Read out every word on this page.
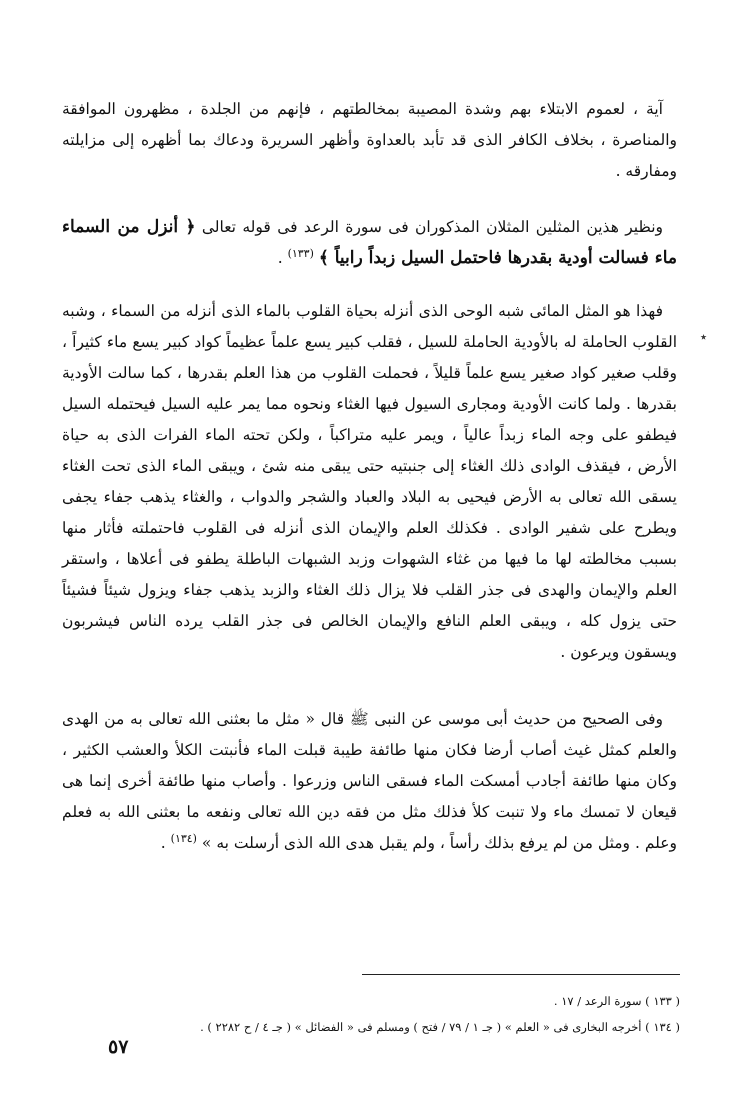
آية ، لعموم الابتلاء بهم وشدة المصيبة بمخالطتهم ، فإنهم من الجلدة ، مظهرون الموافقة والمناصرة ، بخلاف الكافر الذى قد تأبد بالعداوة وأظهر السريرة ودعاك بما أظهره إلى مزايلته ومفارقه .

ونظير هذين المثلين المثلان المذكوران فى سورة الرعد فى قوله تعالى ﴿ أنزل من السماء ماء فسالت أودية بقدرها فاحتمل السيل زبداً رابياً ﴾ $^{(١٣٣)}$ .

فهذا هو المثل المائى شبه الوحى الذى أنزله بحياة القلوب بالماء الذى أنزله من السماء ، وشبه القلوب الحاملة له بالأودية الحاملة للسيل ، فقلب كبير يسع علماً عظيماً كواد كبير يسع ماء كثيراً ، وقلب صغير كواد صغير يسع علماً قليلاً ، فحملت القلوب من هذا العلم بقدرها ، كما سالت الأودية بقدرها . ولما كانت الأودية ومجارى السيول فيها الغثاء ونحوه مما يمر عليه السيل فيحتمله السيل فيطفو على وجه الماء زبداً عالياً ، ويمر عليه متراكباً ، ولكن تحته الماء الفرات الذى به حياة الأرض ، فيقذف الوادى ذلك الغثاء إلى جنبتيه حتى يبقى منه شئ ، ويبقى الماء الذى تحت الغثاء يسقى الله تعالى به الأرض فيحيى به البلاد والعباد والشجر والدواب ، والغثاء يذهب جفاء يجفى ويطرح على شفير الوادى . فكذلك العلم والإيمان الذى أنزله فى القلوب فاحتملته فأثار منها بسبب مخالطته لها ما فيها من غثاء الشهوات وزبد الشبهات الباطلة يطفو فى أعلاها ، واستقر العلم والإيمان والهدى فى جذر القلب فلا يزال ذلك الغثاء والزبد يذهب جفاء ويزول شيئاً فشيئاً حتى يزول كله ، ويبقى العلم النافع والإيمان الخالص فى جذر القلب يرده الناس فيشربون ويسقون ويرعون .

وفى الصحيح من حديث أبى موسى عن النبى ﷺ قال « مثل ما بعثنى الله تعالى به من الهدى والعلم كمثل غيث أصاب أرضا فكان منها طائفة طيبة قبلت الماء فأنبتت الكلأ والعشب الكثير ، وكان منها طائفة أجادب أمسكت الماء فسقى الناس وزرعوا . وأصاب منها طائفة أخرى إنما هى قيعان لا تمسك ماء ولا تنبت كلأ فذلك مثل من فقه دين الله تعالى ونفعه ما بعثنى الله به فعلم وعلم . ومثل من لم يرفع بذلك رأساً ، ولم يقبل هدى الله الذى أرسلت به » $^{(١٣٤)}$ .

٭
( ١٣٣ ) سورة الرعد / ١٧ .
( ١٣٤ ) أخرجه البخارى فى « العلم » ( جـ ١ / ٧٩ / فتح ) ومسلم فى « الفضائل » ( جـ ٤ / ح ٢٢٨٢ ) .
٥٧
